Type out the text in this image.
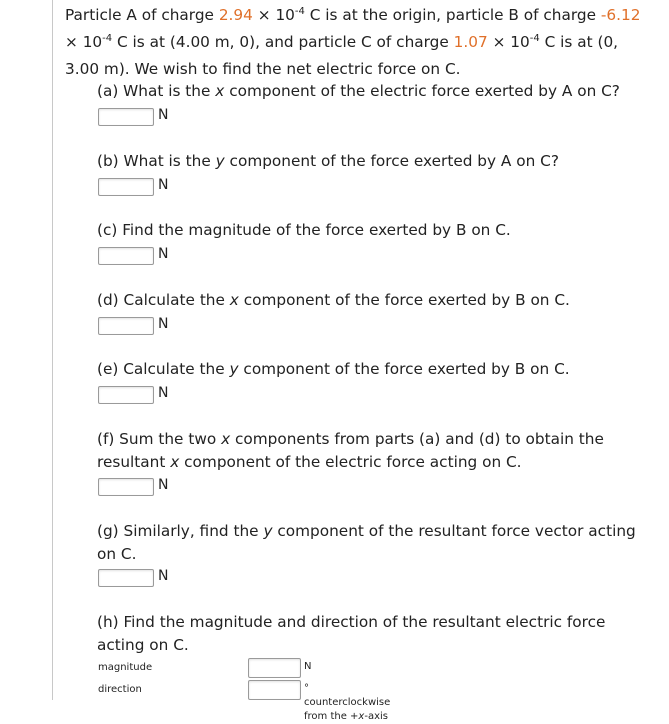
Particle A of charge $2.94 \times 10^{-4}$ C is at the origin, particle B of charge $-6.12 \times 10^{-4}$ C is at (4.00 m, 0), and particle C of charge $1.07 \times 10^{-4}$ C is at (0, 3.00 m). We wish to find the net electric force on C.
(a) What is the x component of the electric force exerted by A on C?
N
(b) What is the y component of the force exerted by A on C?
N
(c) Find the magnitude of the force exerted by B on C.
N
(d) Calculate the x component of the force exerted by B on C.
N
(e) Calculate the y component of the force exerted by B on C.
N
(f) Sum the two x components from parts (a) and (d) to obtain the resultant x component of the electric force acting on C.
N
(g) Similarly, find the y component of the resultant force vector acting on C.
N
(h) Find the magnitude and direction of the resultant electric force acting on C.
magnitude	N
direction	° counterclockwise from the +x-axis
